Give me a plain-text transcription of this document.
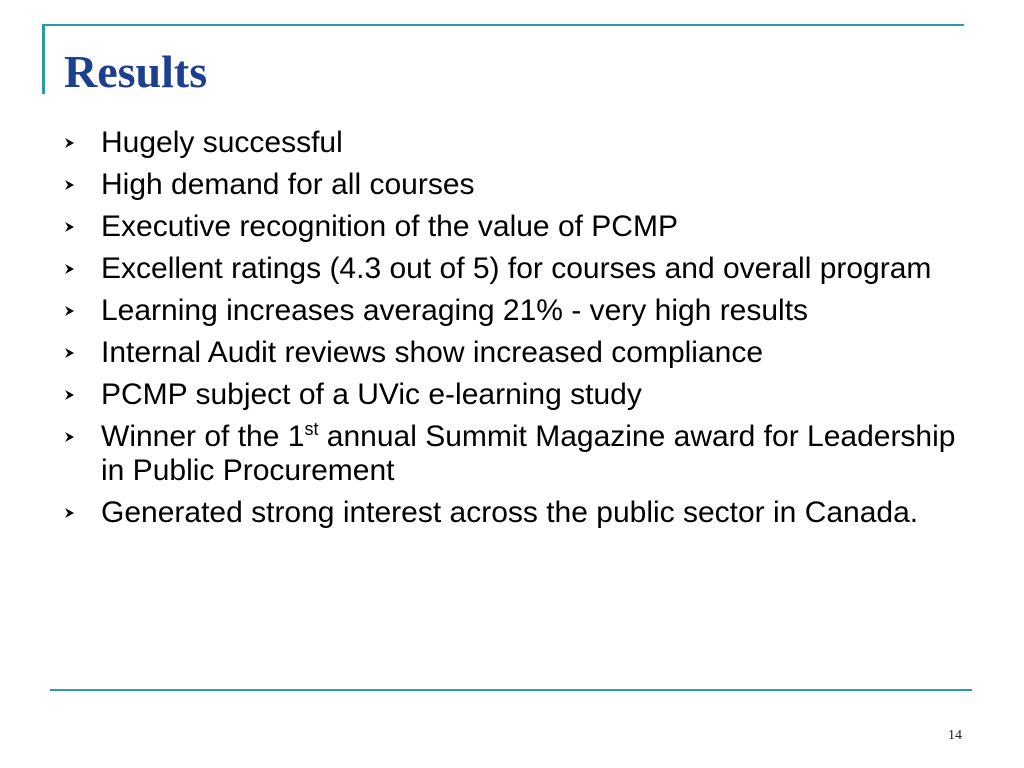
Results
Hugely successful
High demand for all courses
Executive recognition of the value of PCMP
Excellent ratings (4.3 out of 5) for courses and overall program
Learning increases averaging 21% - very high results
Internal Audit reviews show increased compliance
PCMP subject of a UVic e-learning study
Winner of the 1st annual Summit Magazine award for Leadership in Public Procurement
Generated strong interest across the public sector in Canada.
14
